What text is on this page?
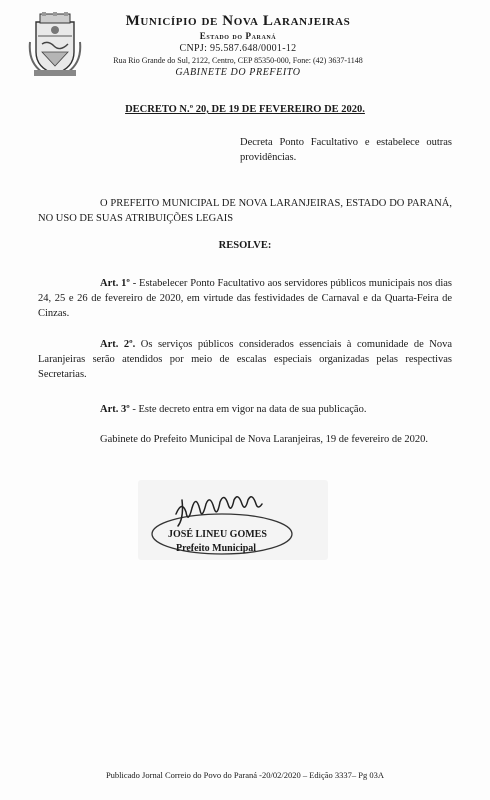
Município de Nova Laranjeiras
Estado do Paraná
CNPJ: 95.587.648/0001-12
Rua Rio Grande do Sul, 2122, Centro, CEP 85350-000, Fone: (42) 3637-1148
GABINETE DO PREFEITO
DECRETO N.º 20, DE 19 DE FEVEREIRO DE 2020.
Decreta Ponto Facultativo e estabelece outras providências.
O PREFEITO MUNICIPAL DE NOVA LARANJEIRAS, ESTADO DO PARANÁ, NO USO DE SUAS ATRIBUIÇÕES LEGAIS
RESOLVE:
Art. 1º - Estabelecer Ponto Facultativo aos servidores públicos municipais nos dias 24, 25 e 26 de fevereiro de 2020, em virtude das festividades de Carnaval e da Quarta-Feira de Cinzas.
Art. 2º. Os serviços públicos considerados essenciais à comunidade de Nova Laranjeiras serão atendidos por meio de escalas especiais organizadas pelas respectivas Secretarias.
Art. 3º - Este decreto entra em vigor na data de sua publicação.
Gabinete do Prefeito Municipal de Nova Laranjeiras, 19 de fevereiro de 2020.
JOSÉ LINEU GOMES
Prefeito Municipal
Publicado Jornal Correio do Povo do Paraná -20/02/2020 – Edição 3337– Pg 03A
